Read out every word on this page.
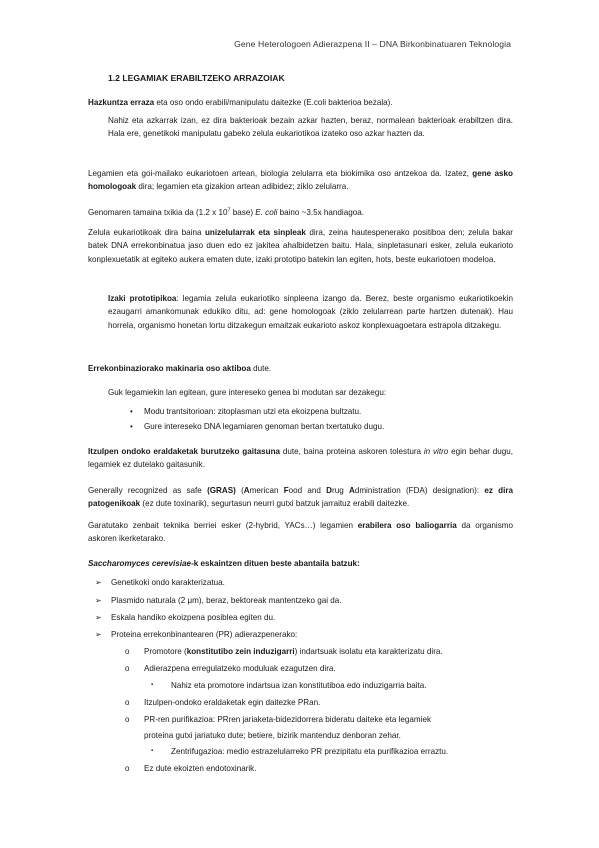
Gene Heterologoen Adierazpena II – DNA Birkonbinatuaren Teknologia
1.2 LEGAMIAK ERABILTZEKO ARRAZOIAK

Hazkuntza erraza eta oso ondo erabili/manipulatu daitezke (E.coli bakterioa bezala).

Nahiz eta azkarrak izan, ez dira bakterioak bezain azkar hazten, beraz, normalean bakterioak erabiltzen dira. Hala ere, genetikoki manipulatu gabeko zelula eukariotikoa izateko oso azkar hazten da.

Legamien eta goi-mailako eukariotoen artean, biologia zelularra eta biokimika oso antzekoa da. Izatez, gene asko homologoak dira; legamien eta gizakion artean adibidez; ziklo zelularra.

Genomaren tamaina txikia da (1.2 x $10^7$ base) E. coli baino ~3.5x handiagoa.

Zelula eukariotikoak dira baina unizelularrak eta sinpleak dira, zeina hautespenerako positiboa den; zelula bakar batek DNA errekonbinatua jaso duen edo ez jakitea ahalbidetzen baitu. Hala, sinpletasunari esker, zelula eukarioto konplexuetatik at egiteko aukera ematen dute, izaki prototipo batekin lan egiten, hots, beste eukariotoen modeloa.

Izaki prototipikoa: legamia zelula eukariotiko sinpleena izango da. Berez, beste organismo eukariotikoekin ezaugarri amankomunak edukiko ditu, ad: gene homologoak (ziklo zelularrean parte hartzen dutenak). Hau horrela, organismo honetan lortu ditzakegun emaitzak eukarioto askoz konplexuagoetara estrapola ditzakegu.

Errekonbinaziorako makinaria oso aktiboa dute.

Guk legamiekin lan egitean, gure intereseko genea bi modutan sar dezakegu:

• Modu trantsitorioan: zitoplasman utzi eta ekoizpena bultzatu.
• Gure intereseko DNA legamiaren genoman bertan txertatuko dugu.

Itzulpen ondoko eraldaketak burutzeko gaitasuna dute, baina proteina askoren tolestura in vitro egin behar dugu, legamiek ez dutelako gaitasunik.

Generally recognized as safe (GRAS) (American Food and Drug Administration (FDA) designation): ez dira patogenikoak (ez dute toxinarik), segurtasun neurri gutxi batzuk jarraituz erabili daitezke.

Garatutako zenbait teknika berriei esker (2-hybrid, YACs…) legamien erabilera oso baliogarria da organismo askoren ikerketarako.

Saccharomyces cerevisiae-k eskaintzen dituen beste abantaila batzuk:

➢ Genetikoki ondo karakterizatua.
➢ Plasmido naturala (2 μm), beraz, bektoreak mantentzeko gai da.
➢ Eskala handiko ekoizpena posiblea egiten du.
➢ Proteina errekonbinantearen (PR) adierazpenerako:
o Promotore (konstitutibo zein induzigarri) indartsuak isolatu eta karakterizatu dira.
o Adierazpena erregulatzeko moduluak ezagutzen dira.
▪ Nahiz eta promotore indartsua izan konstitutiboa edo induzigarria baita.
o Itzulpen-ondoko eraldaketak egin daitezke PRan.
o PR-ren purifikazioa: PRren jariaketa-bidezidorrera bideratu daiteke eta legamiek
proteina gutxi jariatuko dute; betiere, bizirik mantenduz denboran zehar.
▪ Zentrifugazioa: medio estrazelularreko PR prezipitatu eta purifikazioa erraztu.
o Ez dute ekoizten endotoxinarik.
